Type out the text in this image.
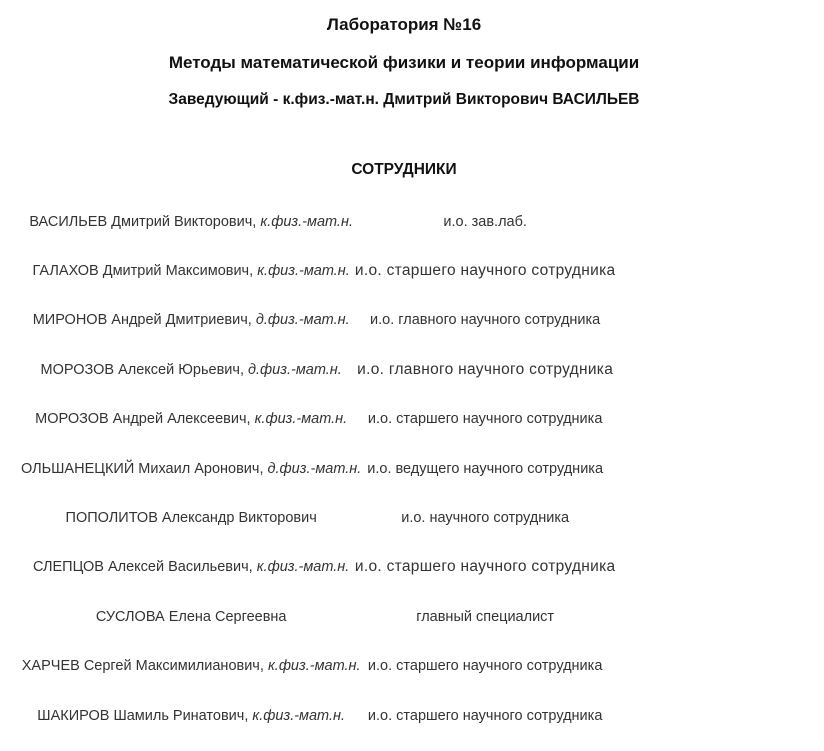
Лаборатория №16
Методы математической физики и теории информации
Заведующий - к.физ.-мат.н. Дмитрий Викторович ВАСИЛЬЕВ
СОТРУДНИКИ
ВАСИЛЬЕВ Дмитрий Викторович, к.физ.-мат.н.	и.о. зав.лаб.
ГАЛАХОВ Дмитрий Максимович, к.физ.-мат.н. и.о. старшего научного сотрудника
МИРОНОВ Андрей Дмитриевич, д.физ.-мат.н.	и.о. главного научного сотрудника
МОРОЗОВ Алексей Юрьевич, д.физ.-мат.н. и.о. главного научного сотрудника
МОРОЗОВ Андрей Алексеевич, к.физ.-мат.н.	и.о. старшего научного сотрудника
ОЛЬШАНЕЦКИЙ Михаил Аронович, д.физ.-мат.н. и.о. ведущего научного сотрудника
ПОПОЛИТОВ Александр Викторович	и.о. научного сотрудника
СЛЕПЦОВ Алексей Васильевич, к.физ.-мат.н. и.о. старшего научного сотрудника
СУСЛОВА Елена Сергеевна	главный специалист
ХАРЧЕВ Сергей Максимилианович, к.физ.-мат.н. и.о. старшего научного сотрудника
ШАКИРОВ Шамиль Ринатович, к.физ.-мат.н.	и.о. старшего научного сотрудника
